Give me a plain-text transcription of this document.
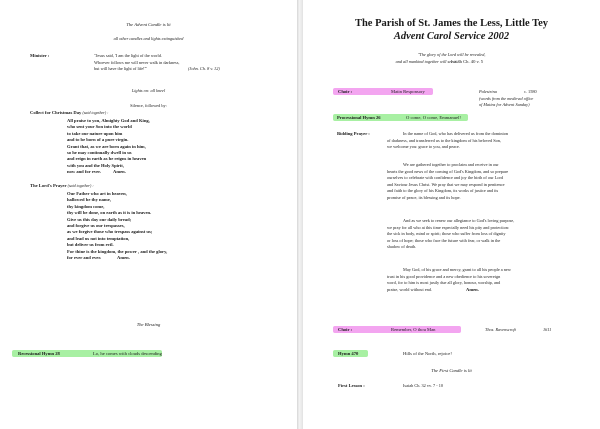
The Advent Candle is lit
all other candles and lights extinguished
Minister :	"Jesus said, 'I am the light of the world.
Whoever follows me will never walk in darkness,
but will have the light of life!'"	(John. Ch. 8 v. 12)
Lights on: all kneel
Silence, followed by:
Collect for Christmas Day (said together) :
All praise to you, Almighty God and King,
who sent your Son into the world
to take our nature upon him
and to be born of a pure virgin.
Grant that, as we are born again in him,
so he may continually dwell in us
and reign in earth as he reigns in heaven
with you and the Holy Spirit,
now and for ever.	Amen.
The Lord's Prayer (said together) :
Our Father who art in heaven,
hallowed be thy name,
thy kingdom come,
thy will be done, on earth as it is in heaven.
Give us this day our daily bread;
and forgive us our trespasses,
as we forgive those who trespass against us;
and lead us not into temptation,
but deliver us from evil.
For thine is the kingdom, the power , and the glory,
for ever and ever.	Amen.
The Blessing
Recessional Hymn 28	Lo, he comes with clouds descending
The Parish of St. James the Less, Little Tey
Advent Carol Service 2002
"The glory of the Lord will be revealed,
and all mankind together will see it."
Isaiah Ch. 40 v. 5
Choir :	Matin Responsory	Palestrina	c. 1580
(words from the medieval office
of Matins for Advent Sunday)
Processional Hymn 26	O come, O come, Emmanuel!
Bidding Prayer :	In the name of God, who has delivered us from the dominion
of darkness, and transferred us to the kingdom of his beloved Son,
we welcome you: grace to you, and peace.
We are gathered together to proclaim and receive in our
hearts the good news of the coming of God's Kingdom, and so prepare
ourselves to celebrate with confidence and joy the birth of our Lord
and Saviour Jesus Christ. We pray that we may respond in penitence
and faith to the glory of his Kingdom, its works of justice and its
promise of peace, its blessing and its hope.
And as we seek to renew our allegiance to God's loving purpose,
we pray for all who at this time especially need his pity and protection:
the sick in body, mind or spirit; those who suffer from loss of dignity
or loss of hope; those who face the future with fear, or walk in the
shadow of death.
May God, of his grace and mercy, grant to all his people a new
trust in his good providence and a new obedience to his sovereign
word, for to him is most justly due all glory, honour, worship, and
praise, world without end.	Amen.
Choir :	Remember, O thou Man	Thos. Ravenscroft	1611
Hymn 470	Hills of the North, rejoice!
The First Candle is lit
First Lesson :	Isaiah Ch. 32 vv. 7 - 10
